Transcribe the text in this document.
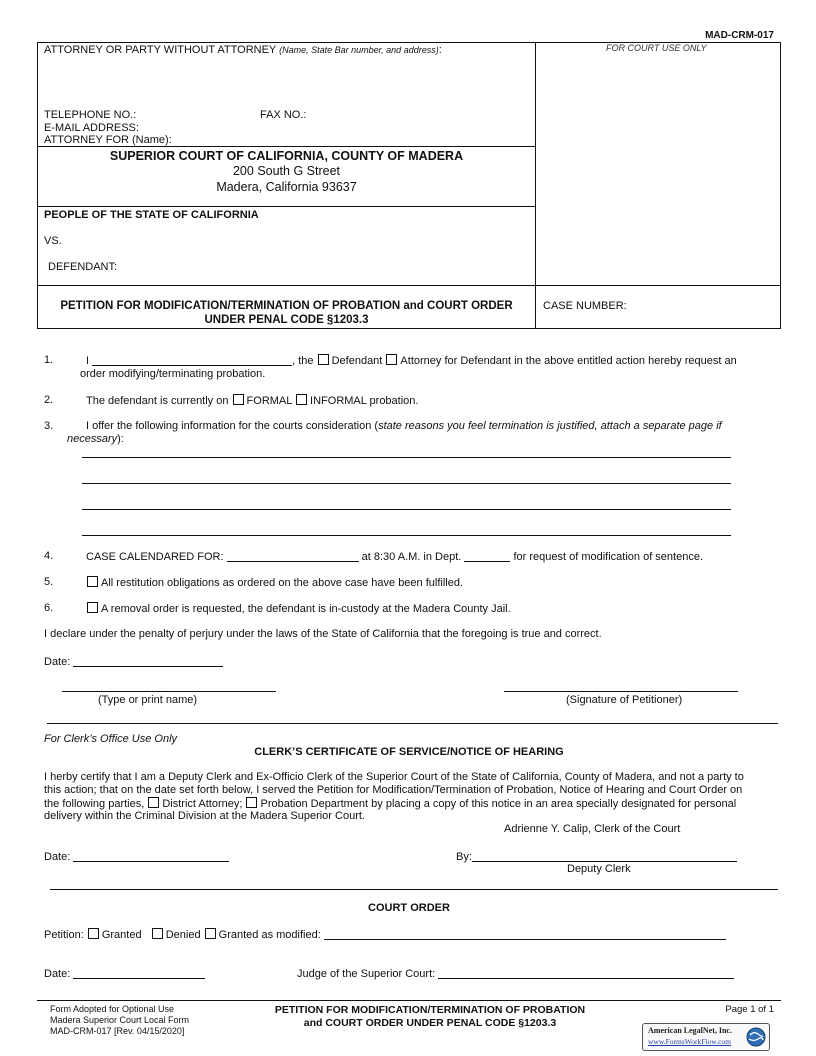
MAD-CRM-017
ATTORNEY OR PARTY WITHOUT ATTORNEY (Name, State Bar number, and address):	FOR COURT USE ONLY
TELEPHONE NO.:	FAX NO.:
E-MAIL ADDRESS:
ATTORNEY FOR (Name):
SUPERIOR COURT OF CALIFORNIA, COUNTY OF MADERA
200 South G Street
Madera, California 93637
PEOPLE OF THE STATE OF CALIFORNIA
VS.
DEFENDANT:
PETITION FOR MODIFICATION/TERMINATION OF PROBATION and COURT ORDER
UNDER PENAL CODE §1203.3
CASE NUMBER:
1.	I	, the Defendant Attorney for Defendant in the above entitled action hereby request an
order modifying/terminating probation.
2.	The defendant is currently on FORMAL INFORMAL probation.
3.	I offer the following information for the courts consideration (state reasons you feel termination is justified, attach a separate page if
necessary):
4.	CASE CALENDARED FOR:	at 8:30 A.M. in Dept.	for request of modification of sentence.
5.	All restitution obligations as ordered on the above case have been fulfilled.
6.	A removal order is requested, the defendant is in-custody at the Madera County Jail.
I declare under the penalty of perjury under the laws of the State of California that the foregoing is true and correct.
Date:
(Type or print name)	(Signature of Petitioner)
For Clerk’s Office Use Only
CLERK’S CERTIFICATE OF SERVICE/NOTICE OF HEARING
I herby certify that I am a Deputy Clerk and Ex-Officio Clerk of the Superior Court of the State of California, County of Madera, and not a party to
this action; that on the date set forth below, I served the Petition for Modification/Termination of Probation, Notice of Hearing and Court Order on
the following parties, District Attorney; Probation Department by placing a copy of this notice in an area specially designated for personal
delivery within the Criminal Division at the Madera Superior Court.
Adrienne Y. Calip, Clerk of the Court
Date:	By:
Deputy Clerk
COURT ORDER
Petition: Granted Denied Granted as modified:
Date:	Judge of the Superior Court:
Form Adopted for Optional Use
Madera Superior Court Local Form
MAD-CRM-017 [Rev. 04/15/2020]
PETITION FOR MODIFICATION/TERMINATION OF PROBATION
and COURT ORDER UNDER PENAL CODE §1203.3
Page 1 of 1
American LegalNet, Inc.
www.FormsWorkFlow.com
